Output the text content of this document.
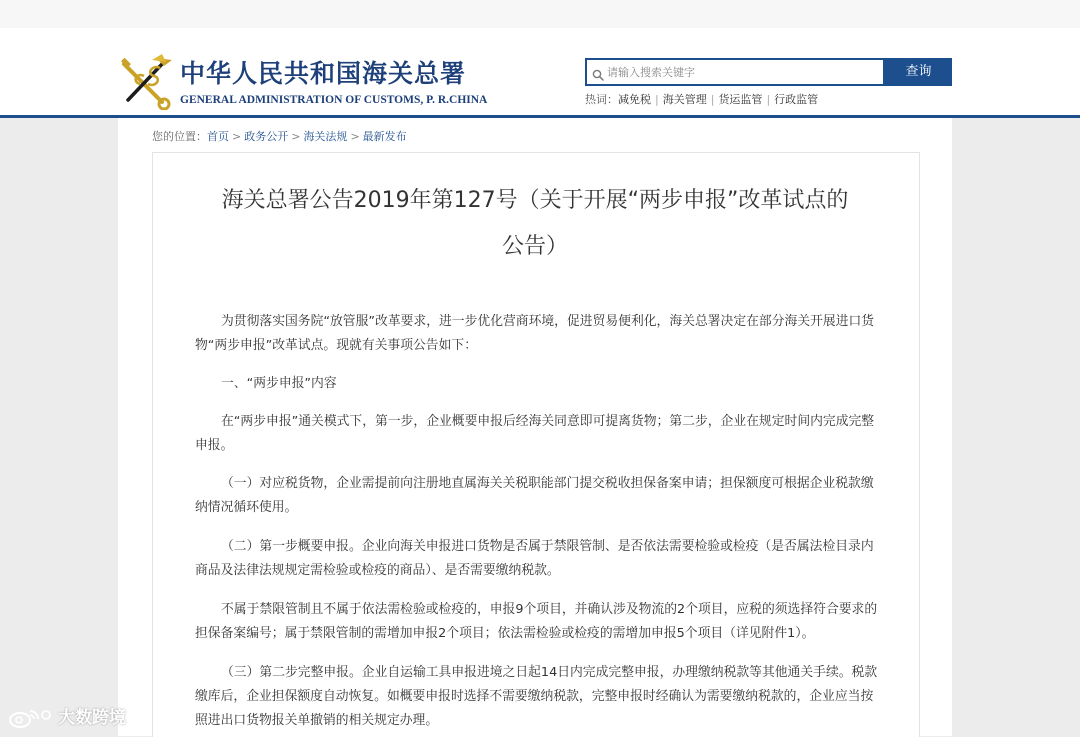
中华人民共和国海关总署
GENERAL ADMINISTRATION OF CUSTOMS, P. R.CHINA
请输入搜索关键字
查询
热词：减免税 | 海关管理 | 货运监管 | 行政监管
您的位置：首页 > 政务公开 > 海关法规 > 最新发布
海关总署公告2019年第127号（关于开展“两步申报”改革试点的
公告）

为贯彻落实国务院“放管服”改革要求，进一步优化营商环境，促进贸易便利化，海关总署决定在部分海关开展进口货物“两步申报”改革试点。现就有关事项公告如下：

一、“两步申报”内容

在“两步申报”通关模式下，第一步，企业概要申报后经海关同意即可提离货物；第二步，企业在规定时间内完成完整申报。

（一）对应税货物，企业需提前向注册地直属海关关税职能部门提交税收担保备案申请；担保额度可根据企业税款缴纳情况循环使用。

（二）第一步概要申报。企业向海关申报进口货物是否属于禁限管制、是否依法需要检验或检疫（是否属法检目录内商品及法律法规规定需检验或检疫的商品）、是否需要缴纳税款。

不属于禁限管制且不属于依法需检验或检疫的，申报9个项目，并确认涉及物流的2个项目，应税的须选择符合要求的担保备案编号；属于禁限管制的需增加申报2个项目；依法需检验或检疫的需增加申报5个项目（详见附件1）。

（三）第二步完整申报。企业自运输工具申报进境之日起14日内完成完整申报，办理缴纳税款等其他通关手续。税款缴库后，企业担保额度自动恢复。如概要申报时选择不需要缴纳税款，完整申报时经确认为需要缴纳税款的，企业应当按照进出口货物报关单撤销的相关规定办理。

大数跨境
